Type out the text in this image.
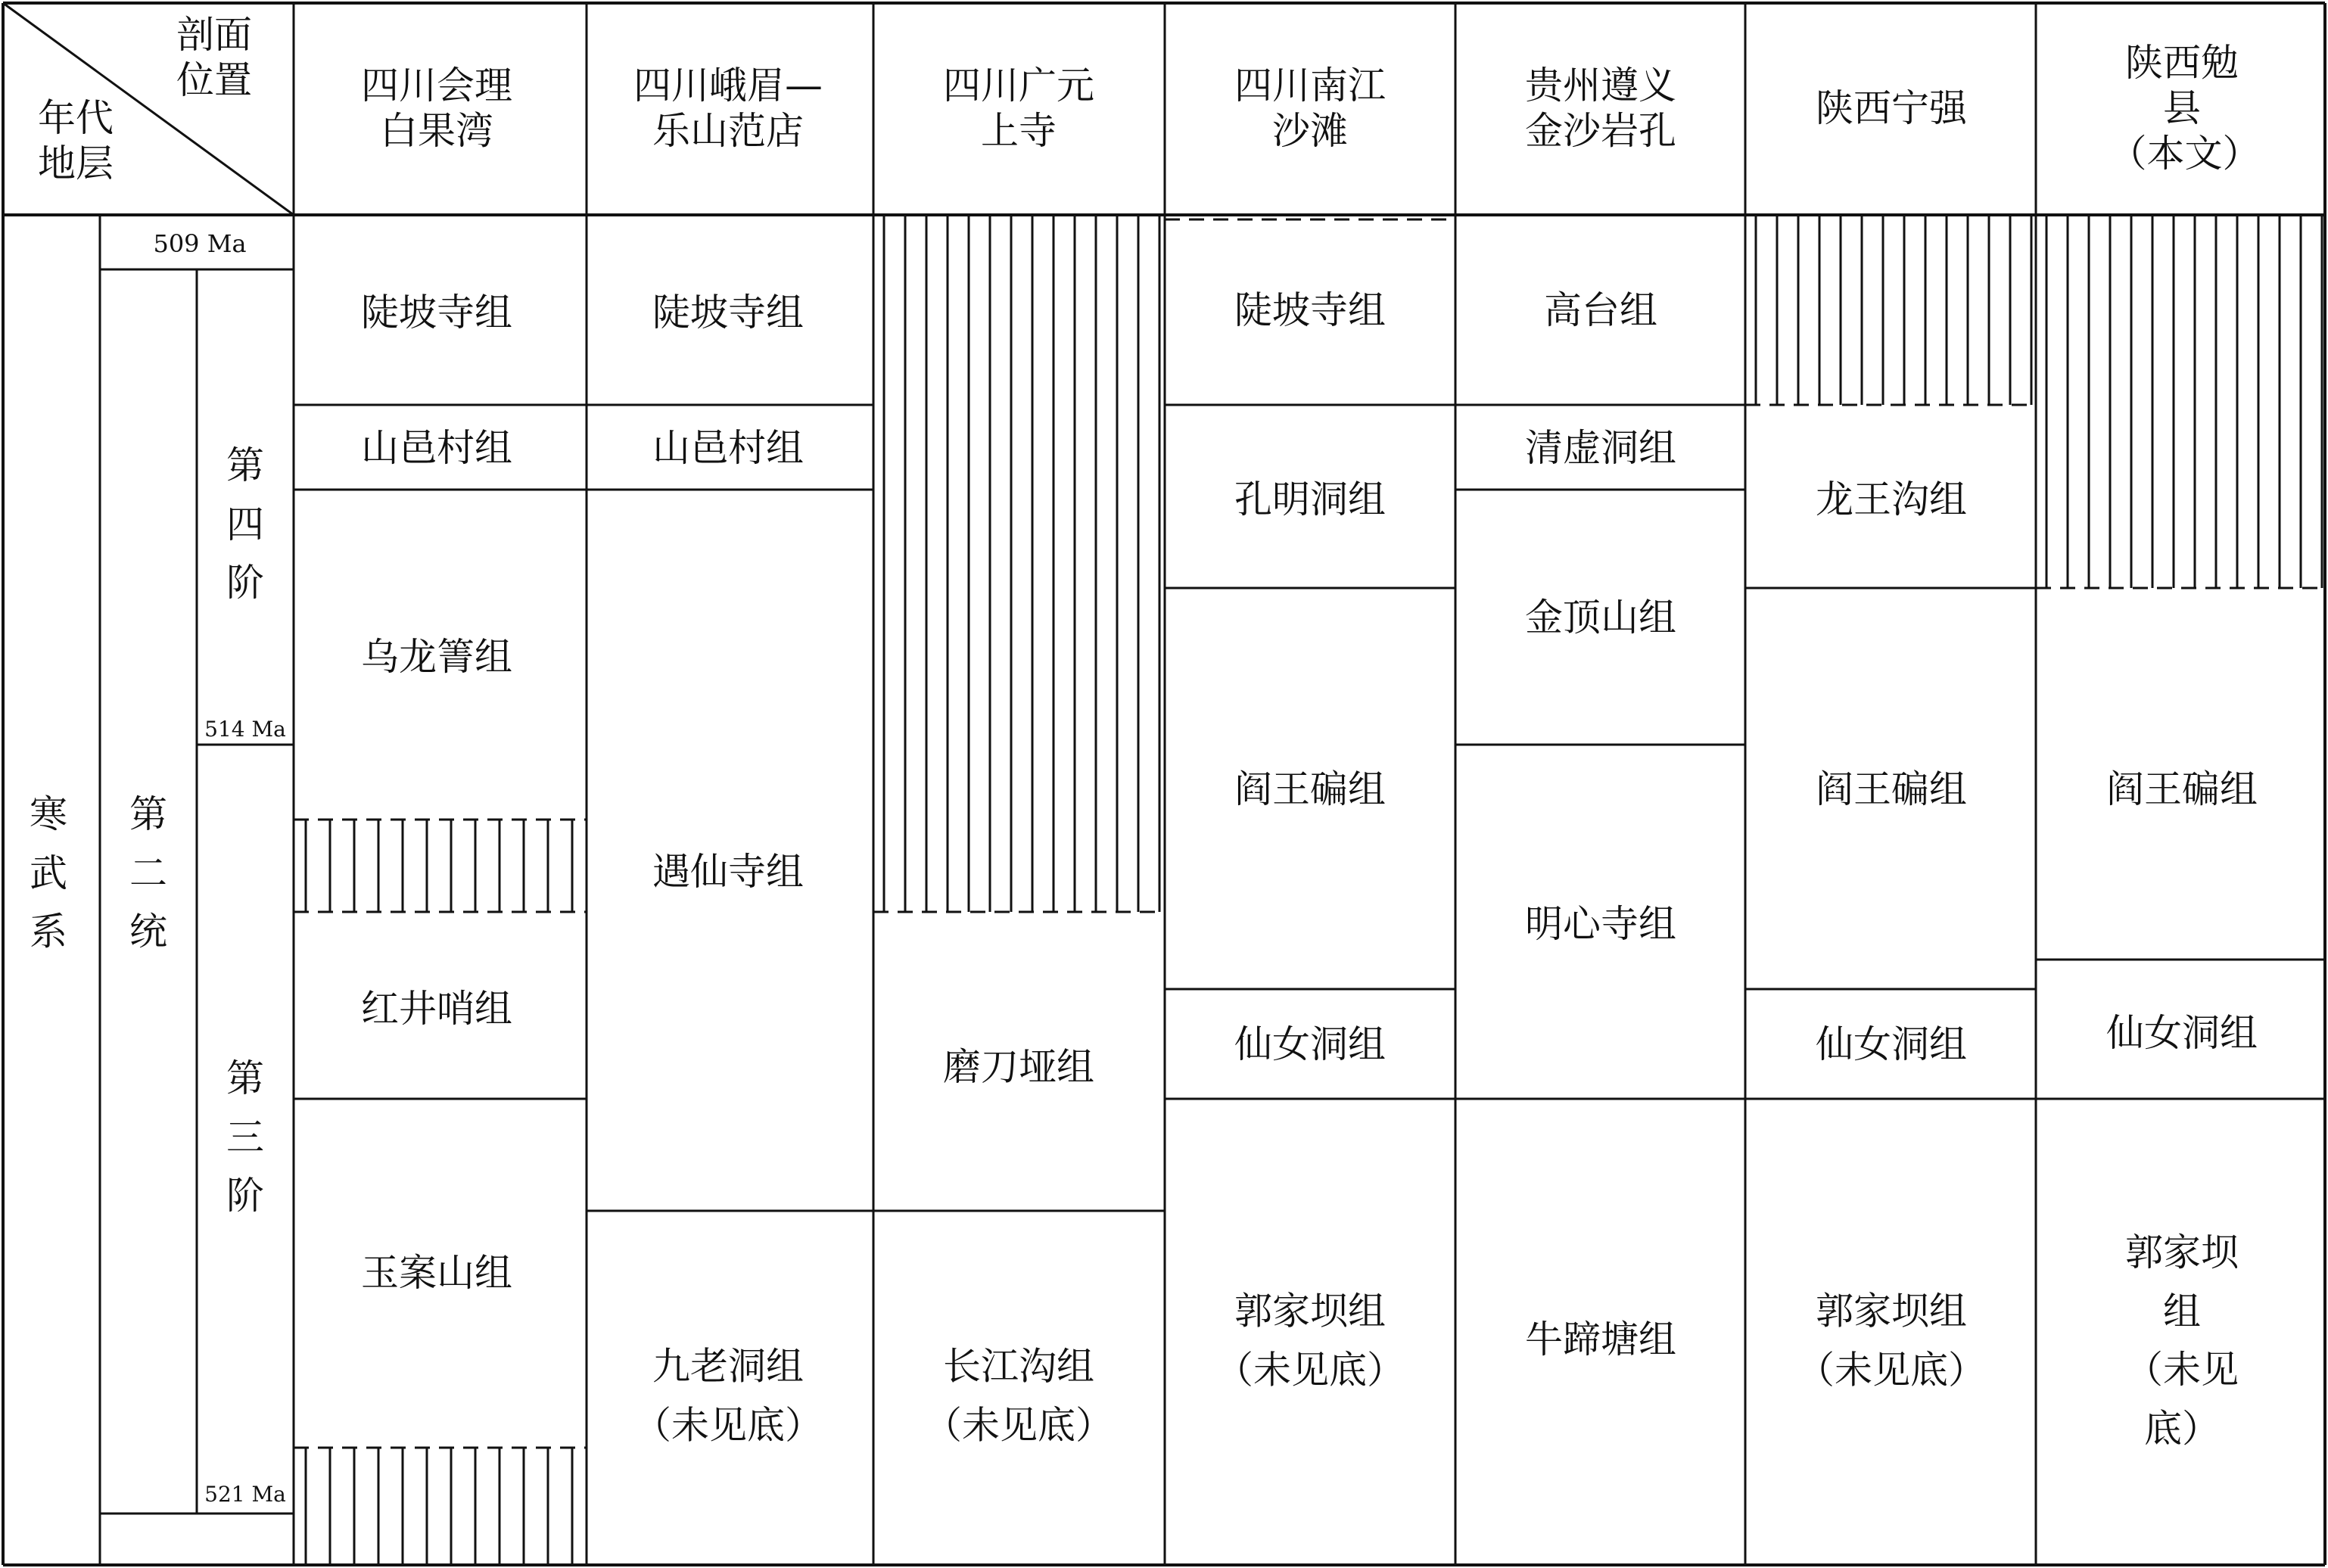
剖面
位置
年代
地层
四川会理
白果湾
四川峨眉—
乐山范店
四川广元
上寺
四川南江
沙滩
贵州遵义
金沙岩孔
陕西宁强
陕西勉县
（本文）
寒
武
系
第
二
统
第
四
阶
第
三
阶
509 Ma
514 Ma
521 Ma
陡坡寺组
山邑村组
乌龙箐组
红井哨组
玉案山组
陡坡寺组
山邑村组
遇仙寺组
九老洞组
（未见底）
磨刀垭组
长江沟组
（未见底）
陡坡寺组
孔明洞组
阎王碥组
仙女洞组
郭家坝组
（未见底）
高台组
清虚洞组
金顶山组
明心寺组
牛蹄塘组
龙王沟组
阎王碥组
仙女洞组
郭家坝组
（未见底）
阎王碥组
仙女洞组
郭家坝组
（未见底）
